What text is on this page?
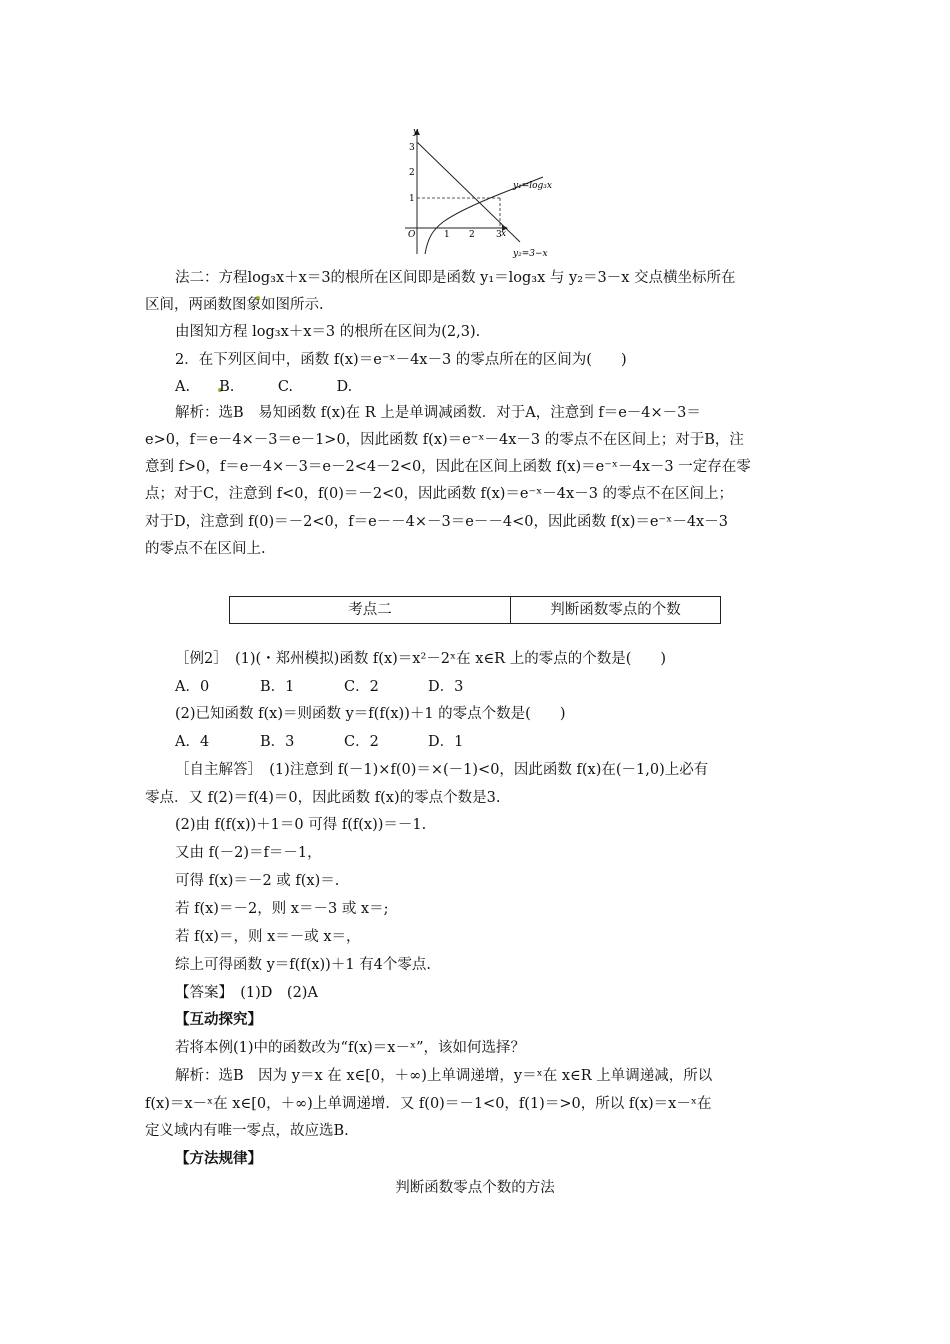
y
x
O	1 2 3
1
2
3
y₁=log₃x
y₂=3−x
法二：方程log₃x＋x＝3的根所在区间即是函数 y₁＝log₃x 与 y₂＝3－x 交点横坐标所在
区间，两函数图象如图所示.
由图知方程 log₃x＋x＝3 的根所在区间为(2,3).
2．在下列区间中，函数 f(x)＝e⁻ˣ－4x－3 的零点所在的区间为(　　)
A.　　B.　　　C.　　　D.
解析：选B　易知函数 f(x)在 R 上是单调减函数．对于A，注意到 f＝e－4×－3＝
e>0，f＝e－4×－3＝e－1>0，因此函数 f(x)＝e⁻ˣ－4x－3 的零点不在区间上；对于B，注
意到 f>0，f＝e－4×－3＝e－2<4－2<0，因此在区间上函数 f(x)＝e⁻ˣ－4x－3 一定存在零
点；对于C，注意到 f<0，f(0)＝－2<0，因此函数 f(x)＝e⁻ˣ－4x－3 的零点不在区间上；
对于D，注意到 f(0)＝－2<0，f＝e－－4×－3＝e－－4<0，因此函数 f(x)＝e⁻ˣ－4x－3
的零点不在区间上.
考点二	判断函数零点的个数
［例2］　(1)(・郑州模拟)函数 f(x)＝x²－2ˣ在 x∈R 上的零点的个数是(　　)
A．0	B．1	C．2	D．3
(2)已知函数 f(x)＝则函数 y＝f(f(x))＋1 的零点个数是(　　)
A．4	B．3	C．2	D．1
［自主解答］　(1)注意到 f(－1)×f(0)＝×(－1)<0，因此函数 f(x)在(－1,0)上必有
零点．又 f(2)＝f(4)＝0，因此函数 f(x)的零点个数是3.
(2)由 f(f(x))＋1＝0 可得 f(f(x))＝－1.
又由 f(－2)＝f＝－1，
可得 f(x)＝－2 或 f(x)＝.
若 f(x)＝－2，则 x＝－3 或 x＝;
若 f(x)＝，则 x＝－或 x＝，
综上可得函数 y＝f(f(x))＋1 有4个零点.
【答案】　(1)D　(2)A
【互动探究】
若将本例(1)中的函数改为“f(x)＝x－ˣ”，该如何选择？
解析：选B　因为 y＝x 在 x∈[0，＋∞)上单调递增，y＝ˣ在 x∈R 上单调递减，所以
f(x)＝x－ˣ在 x∈[0，＋∞)上单调递增．又 f(0)＝－1<0，f(1)＝>0，所以 f(x)＝x－ˣ在
定义域内有唯一零点，故应选B.
【方法规律】
判断函数零点个数的方法
